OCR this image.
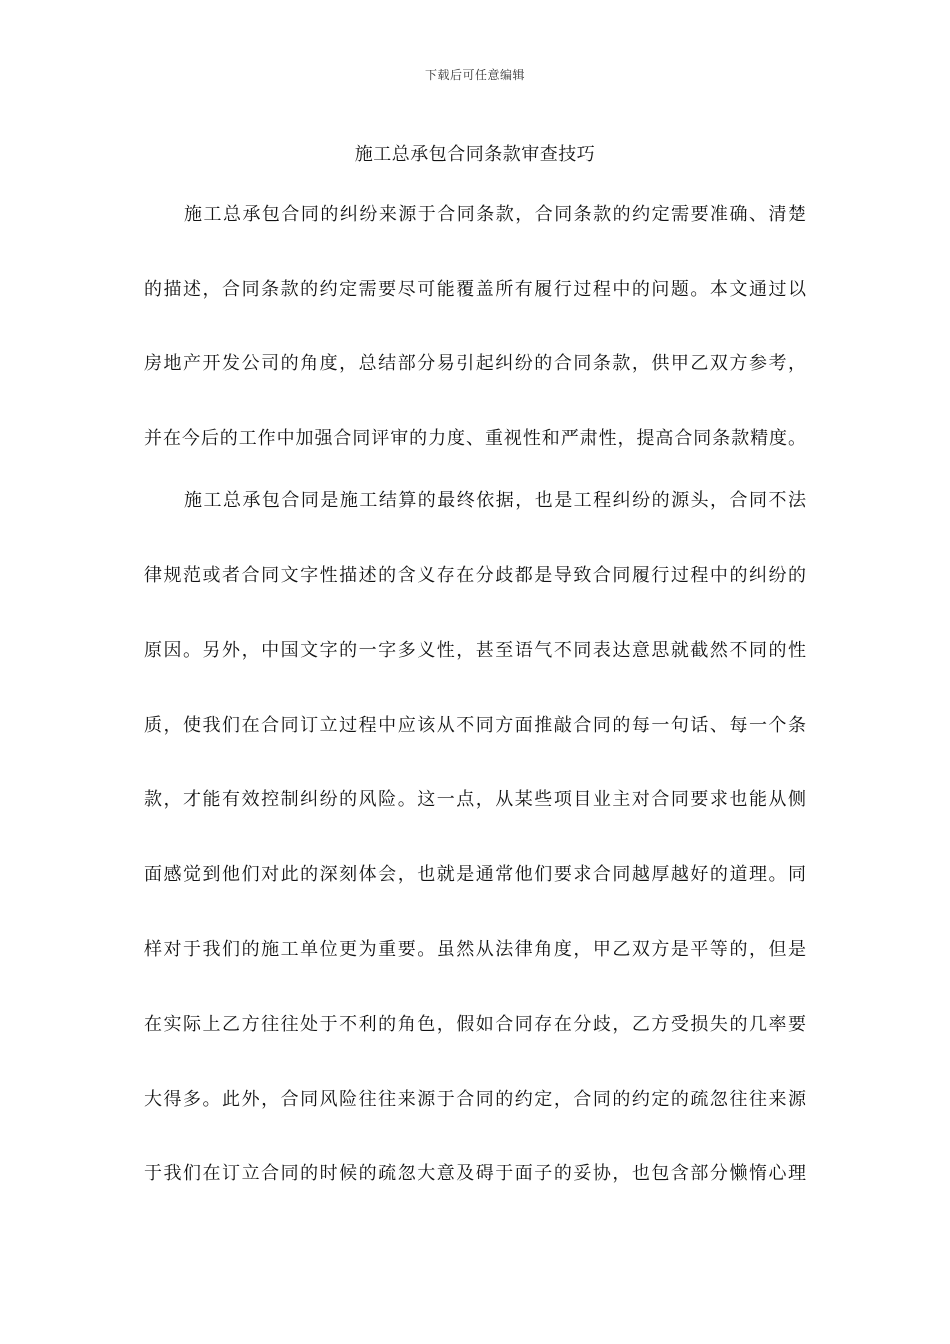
下载后可任意编辑
施工总承包合同条款审查技巧
施工总承包合同的纠纷来源于合同条款，合同条款的约定需要准确、清楚
的描述，合同条款的约定需要尽可能覆盖所有履行过程中的问题。本文通过以
房地产开发公司的角度，总结部分易引起纠纷的合同条款，供甲乙双方参考，
并在今后的工作中加强合同评审的力度、重视性和严肃性，提高合同条款精度。
施工总承包合同是施工结算的最终依据，也是工程纠纷的源头，合同不法
律规范或者合同文字性描述的含义存在分歧都是导致合同履行过程中的纠纷的
原因。另外，中国文字的一字多义性，甚至语气不同表达意思就截然不同的性
质，使我们在合同订立过程中应该从不同方面推敲合同的每一句话、每一个条
款，才能有效控制纠纷的风险。这一点，从某些项目业主对合同要求也能从侧
面感觉到他们对此的深刻体会，也就是通常他们要求合同越厚越好的道理。同
样对于我们的施工单位更为重要。虽然从法律角度，甲乙双方是平等的，但是
在实际上乙方往往处于不利的角色，假如合同存在分歧，乙方受损失的几率要
大得多。此外，合同风险往往来源于合同的约定，合同的约定的疏忽往往来源
于我们在订立合同的时候的疏忽大意及碍于面子的妥协，也包含部分懒惰心理
